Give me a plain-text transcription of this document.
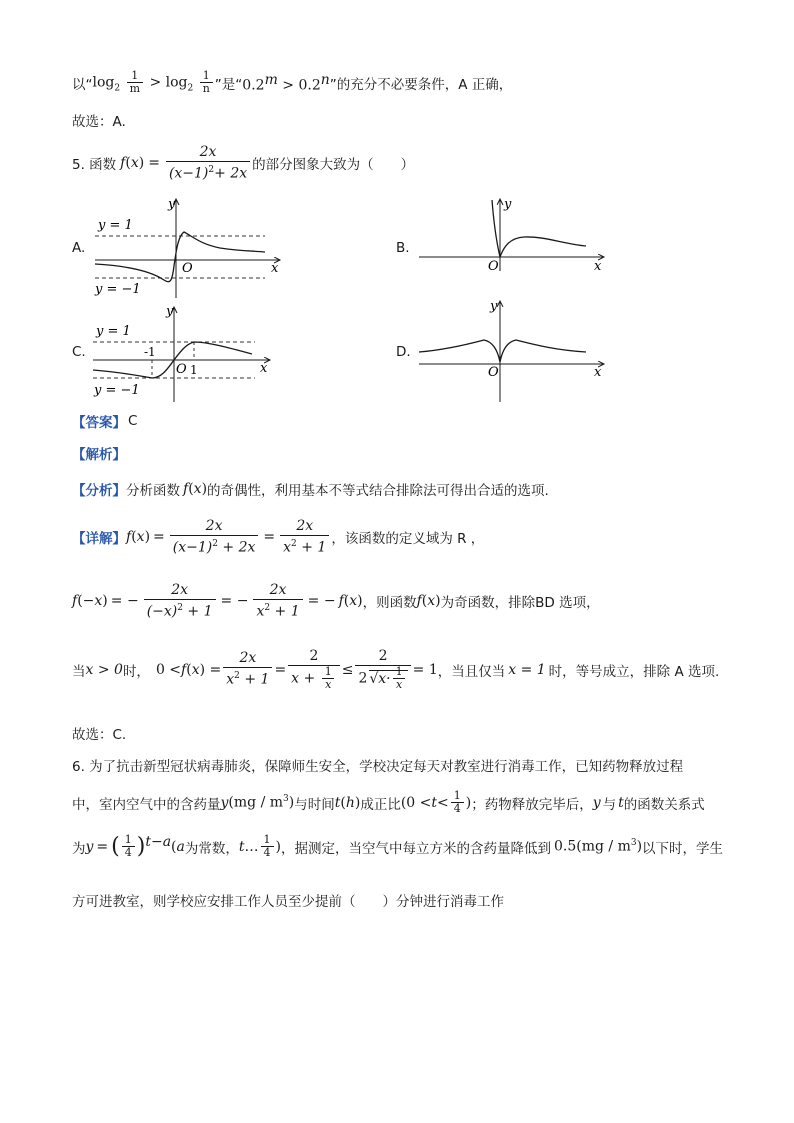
以“ $\log_2 \frac{1}{m} > \log_2 \frac{1}{n}$ ”是“ $0.2^m > 0.2^n$ ”的充分不必要条件，A 正确，
故选：A.
5. 函数 f ( x ) = $\frac{2x}{(x-1)^2+ 2x}$ 的部分图象大致为（　　）
A.
y = 1
y = −1
y
x
O
B.
y
x
O
C.
y = 1
y = −1
-1
1
y
x
O
D.
y
x
O
【答案】 C
【解析】
【分析】 分析函数 f ( x ) 的奇偶性，利用基本不等式结合排除法可得出合适的选项.
【详解】 f ( x ) = $\frac{2x}{(x-1)^2 + 2x} = \frac{2x}{x^2 + 1}$ ，该函数的定义域为 R ，
f (− x ) = − $\frac{2x}{(-x)^2 + 1}$ = − $\frac{2x}{x^2 + 1}$ = − f ( x ) ，则函数 f ( x ) 为奇函数，排除BD 选项，
当 x > 0 时， 0 < f ( x ) = $\frac{2x}{x^2 + 1} = \frac{2}{x + \frac{1}{x}} \le \frac{2}{2 √x\cdot \frac{1}{x}} = 1$ ，当且仅当 x = 1 时，等号成立，排除 A 选项.
故选：C.
6. 为了抗击新型冠状病毒肺炎，保障师生安全，学校决定每天对教室进行消毒工作，已知药物释放过程
中，室内空气中的含药量 y $(mg / m^3)$ 与时间 t ( h ) 成正比 ($0 < t < \frac{1}{4}$ ) ；药物释放完毕后， y 与 t 的函数关系式
为 y = ( $\frac{1}{4}$ ) t−a ( a 为常数， t … $\frac{1}{4}$ ) ，据测定，当空气中每立方米的含药量降低到 $0.5(mg / m^3)$ 以下时，学生
方可进教室，则学校应安排工作人员至少提前（　　）分钟进行消毒工作
